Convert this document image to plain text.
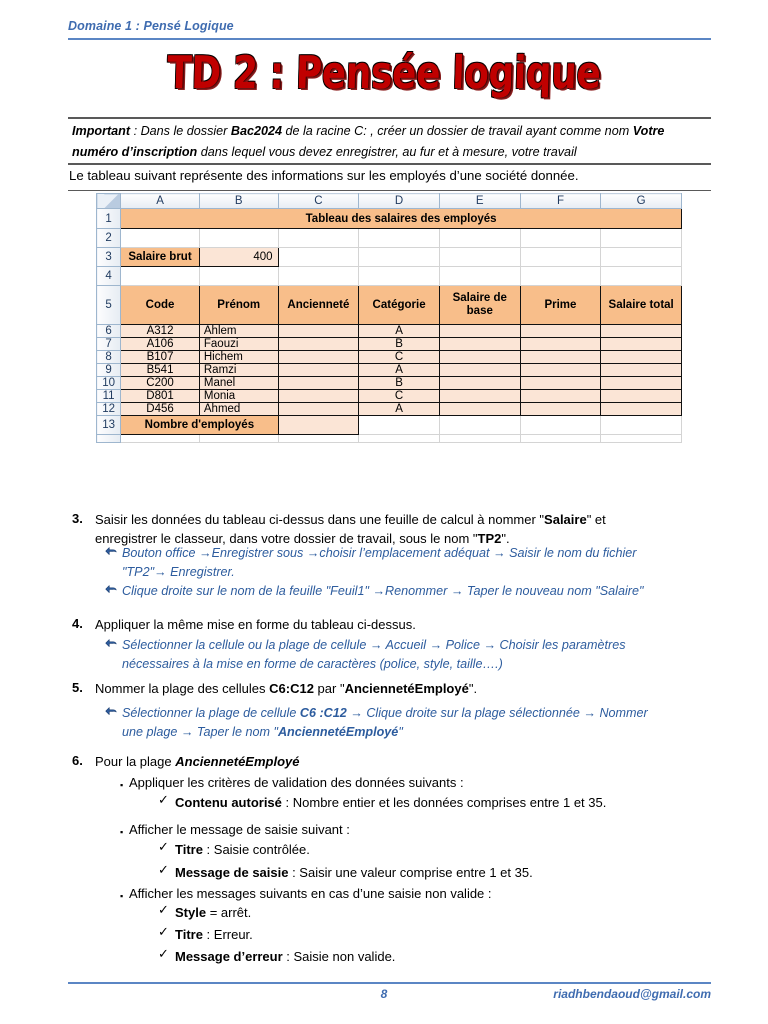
Domaine 1 : Pensé Logique
TD 2 : Pensée logique
Important : Dans le dossier Bac2024 de la racine C: , créer un dossier de travail ayant comme nom Votre numéro d’inscription dans lequel vous devez enregistrer, au fur et à mesure, votre travail
Le tableau suivant représente des informations sur les employés d’une société donnée.
	A	B	C	D	E	F	G
1	Tableau des salaires des employés						
2							
3	Salaire brut	400					
4							
5	Code	Prénom	Ancienneté	Catégorie	Salaire de base	Prime	Salaire total
6	A312	Ahlem		A			
7	A106	Faouzi		B			
8	B107	Hichem		C			
9	B541	Ramzi		A			
10	C200	Manel		B			
11	D801	Monia		C			
12	D456	Ahmed		A			
13	Nombre d'employés						

3. Saisir les données du tableau ci-dessus dans une feuille de calcul à nommer "Salaire" et
enregistrer le classeur, dans votre dossier de travail, sous le nom "TP2".
Bouton office →Enregistrer sous →choisir l’emplacement adéquat → Saisir le nom du fichier
"TP2"→ Enregistrer.
Clique droite sur le nom de la feuille "Feuil1" →Renommer → Taper le nouveau nom "Salaire"
4. Appliquer la même mise en forme du tableau ci-dessus.
Sélectionner la cellule ou la plage de cellule → Accueil → Police → Choisir les paramètres
nécessaires à la mise en forme de caractères (police, style, taille….)
5. Nommer la plage des cellules C6:C12 par "AnciennetéEmployé".
Sélectionner la plage de cellule C6 :C12 → Clique droite sur la plage sélectionnée → Nommer
une plage → Taper le nom "AnciennetéEmployé"
6. Pour la plage AnciennetéEmployé
▪ Appliquer les critères de validation des données suivants :
✓ Contenu autorisé : Nombre entier et les données comprises entre 1 et 35.
▪ Afficher le message de saisie suivant :
✓ Titre : Saisie contrôlée.
✓ Message de saisie : Saisir une valeur comprise entre 1 et 35.
▪ Afficher les messages suivants en cas d’une saisie non valide :
✓ Style = arrêt.
✓ Titre : Erreur.
✓ Message d’erreur : Saisie non valide.
8	riadhbendaoud@gmail.com
